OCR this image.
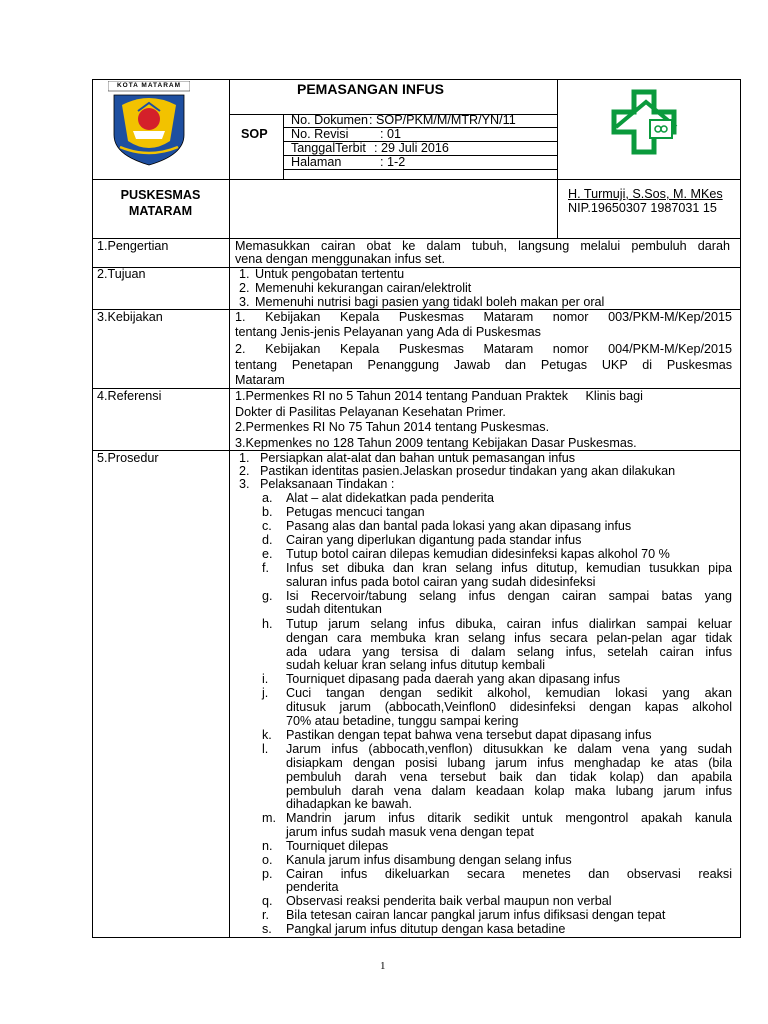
KOTA MATARAM	PEMASANGAN INFUS
SOP
No. Dokumen : SOP/PKM/M/MTR/YN/11
No. Revisi	: 01
TanggalTerbit : 29 Juli 2016
Halaman	: 1-2
PUSKESMAS
MATARAM
H. Turmuji, S.Sos, M. MKes
NIP.19650307 1987031 15
1.Pengertian	Memasukkan cairan obat ke dalam tubuh, langsung melalui pembuluh darah
vena dengan menggunakan infus set.
2.Tujuan	1. Untuk pengobatan tertentu
2. Memenuhi kekurangan cairan/elektrolit
3. Memenuhi nutrisi bagi pasien yang tidakl boleh makan per oral
3.Kebijakan	1. Kebijakan Kepala Puskesmas Mataram nomor 003/PKM-M/Kep/2015
tentang Jenis-jenis Pelayanan yang Ada di Puskesmas
2. Kebijakan Kepala Puskesmas Mataram nomor 004/PKM-M/Kep/2015
tentang Penetapan Penanggung Jawab dan Petugas UKP di Puskesmas
Mataram
4.Referensi	1.Permenkes RI no 5 Tahun 2014 tentang Panduan Praktek     Klinis bagi
Dokter di Pasilitas Pelayanan Kesehatan Primer.
2.Permenkes RI No 75 Tahun 2014 tentang Puskesmas.
3.Kepmenkes no 128 Tahun 2009 tentang Kebijakan Dasar Puskesmas.
5.Prosedur	1. Persiapkan alat-alat dan bahan untuk pemasangan infus
2. Pastikan identitas pasien.Jelaskan prosedur tindakan yang akan dilakukan
3. Pelaksanaan Tindakan :
a. Alat – alat didekatkan pada penderita
b. Petugas mencuci tangan
c. Pasang alas dan bantal pada lokasi yang akan dipasang infus
d. Cairan yang diperlukan digantung pada standar infus
e. Tutup botol cairan dilepas kemudian didesinfeksi kapas alkohol 70 %
f. Infus set dibuka dan kran selang infus ditutup, kemudian tusukkan pipa
saluran infus pada botol cairan yang sudah didesinfeksi
g. Isi Recervoir/tabung selang infus dengan cairan sampai batas yang
sudah ditentukan
h. Tutup jarum selang infus dibuka, cairan infus dialirkan sampai keluar
dengan cara membuka kran selang infus secara pelan-pelan agar tidak
ada udara yang tersisa di dalam selang infus, setelah cairan infus
sudah keluar kran selang infus ditutup kembali
i. Tourniquet dipasang pada daerah yang akan dipasang infus
j. Cuci tangan dengan sedikit alkohol, kemudian lokasi yang akan
ditusuk jarum (abbocath,Veinflon0 didesinfeksi dengan kapas alkohol
70% atau betadine, tunggu sampai kering
k. Pastikan dengan tepat bahwa vena tersebut dapat dipasang infus
l. Jarum infus (abbocath,venflon) ditusukkan ke dalam vena yang sudah
disiapkam dengan posisi lubang jarum infus menghadap ke atas (bila
pembuluh darah vena tersebut baik dan tidak kolap) dan apabila
pembuluh darah vena dalam keadaan kolap maka lubang jarum infus
dihadapkan ke bawah.
m. Mandrin jarum infus ditarik sedikit untuk mengontrol apakah kanula
jarum infus sudah masuk vena dengan tepat
n. Tourniquet dilepas
o. Kanula jarum infus disambung dengan selang infus
p. Cairan infus dikeluarkan secara menetes dan observasi reaksi
penderita
q. Observasi reaksi penderita baik verbal maupun non verbal
r. Bila tetesan cairan lancar pangkal jarum infus difiksasi dengan tepat
s. Pangkal jarum infus ditutup dengan kasa betadine
1
